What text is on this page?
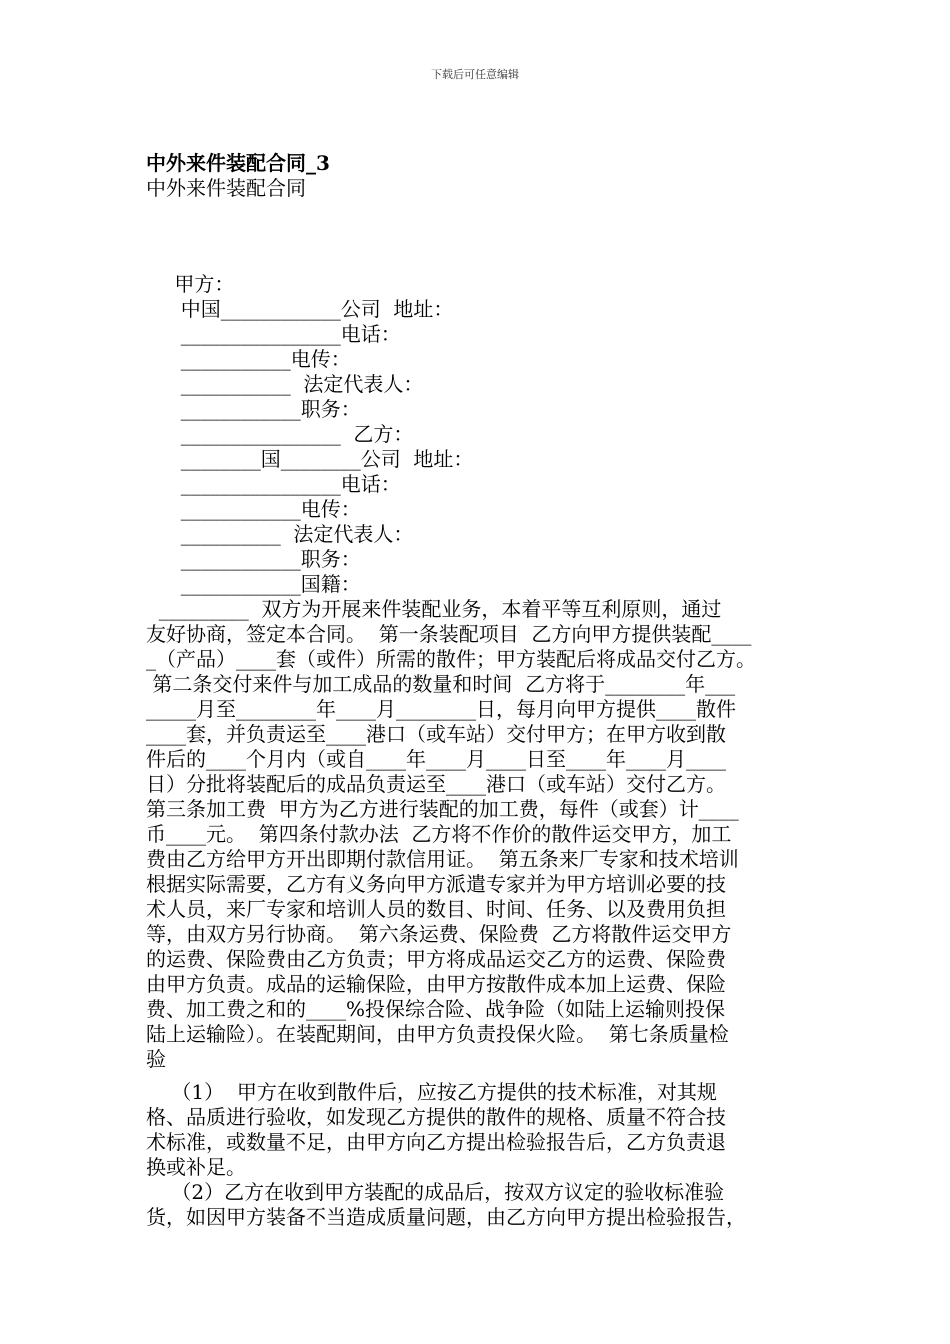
下载后可任意编辑
中外来件装配合同_3
中外来件装配合同
甲方：
中国____________公司  地址：
________________电话：
___________电传：
___________  法定代表人：
____________职务：
________________  乙方：
________国________公司  地址：
________________电话：
____________电传：
__________  法定代表人：
____________职务：
____________国籍：
_________  双方为开展来件装配业务，本着平等互利原则，通过
友好协商，签定本合同。  第一条装配项目  乙方向甲方提供装配____
_（产品）____套（或件）所需的散件；甲方装配后将成品交付乙方。
第二条交付来件与加工成品的数量和时间  乙方将于________年___
_____月至________年____月________日，每月向甲方提供____散件
____套，并负责运至____港口（或车站）交付甲方；在甲方收到散
件后的____个月内（或自____年____月____日至____年____月____
日）分批将装配后的成品负责运至____港口（或车站）交付乙方。
第三条加工费  甲方为乙方进行装配的加工费，每件（或套）计____
币____元。  第四条付款办法  乙方将不作价的散件运交甲方，加工
费由乙方给甲方开出即期付款信用证。  第五条来厂专家和技术培训
根据实际需要，乙方有义务向甲方派遣专家并为甲方培训必要的技
术人员，来厂专家和培训人员的数目、时间、任务、以及费用负担
等，由双方另行协商。  第六条运费、保险费  乙方将散件运交甲方
的运费、保险费由乙方负责；甲方将成品运交乙方的运费、保险费
由甲方负责。成品的运输保险，由甲方按散件成本加上运费、保险
费、加工费之和的____%投保综合险、战争险（如陆上运输则投保
陆上运输险）。在装配期间，由甲方负责投保火险。  第七条质量检
验
（1）  甲方在收到散件后，应按乙方提供的技术标准，对其规
格、品质进行验收，如发现乙方提供的散件的规格、质量不符合技
术标准，或数量不足，由甲方向乙方提出检验报告后，乙方负责退
换或补足。
（2）乙方在收到甲方装配的成品后，按双方议定的验收标准验
货，如因甲方装备不当造成质量问题，由乙方向甲方提出检验报告，
